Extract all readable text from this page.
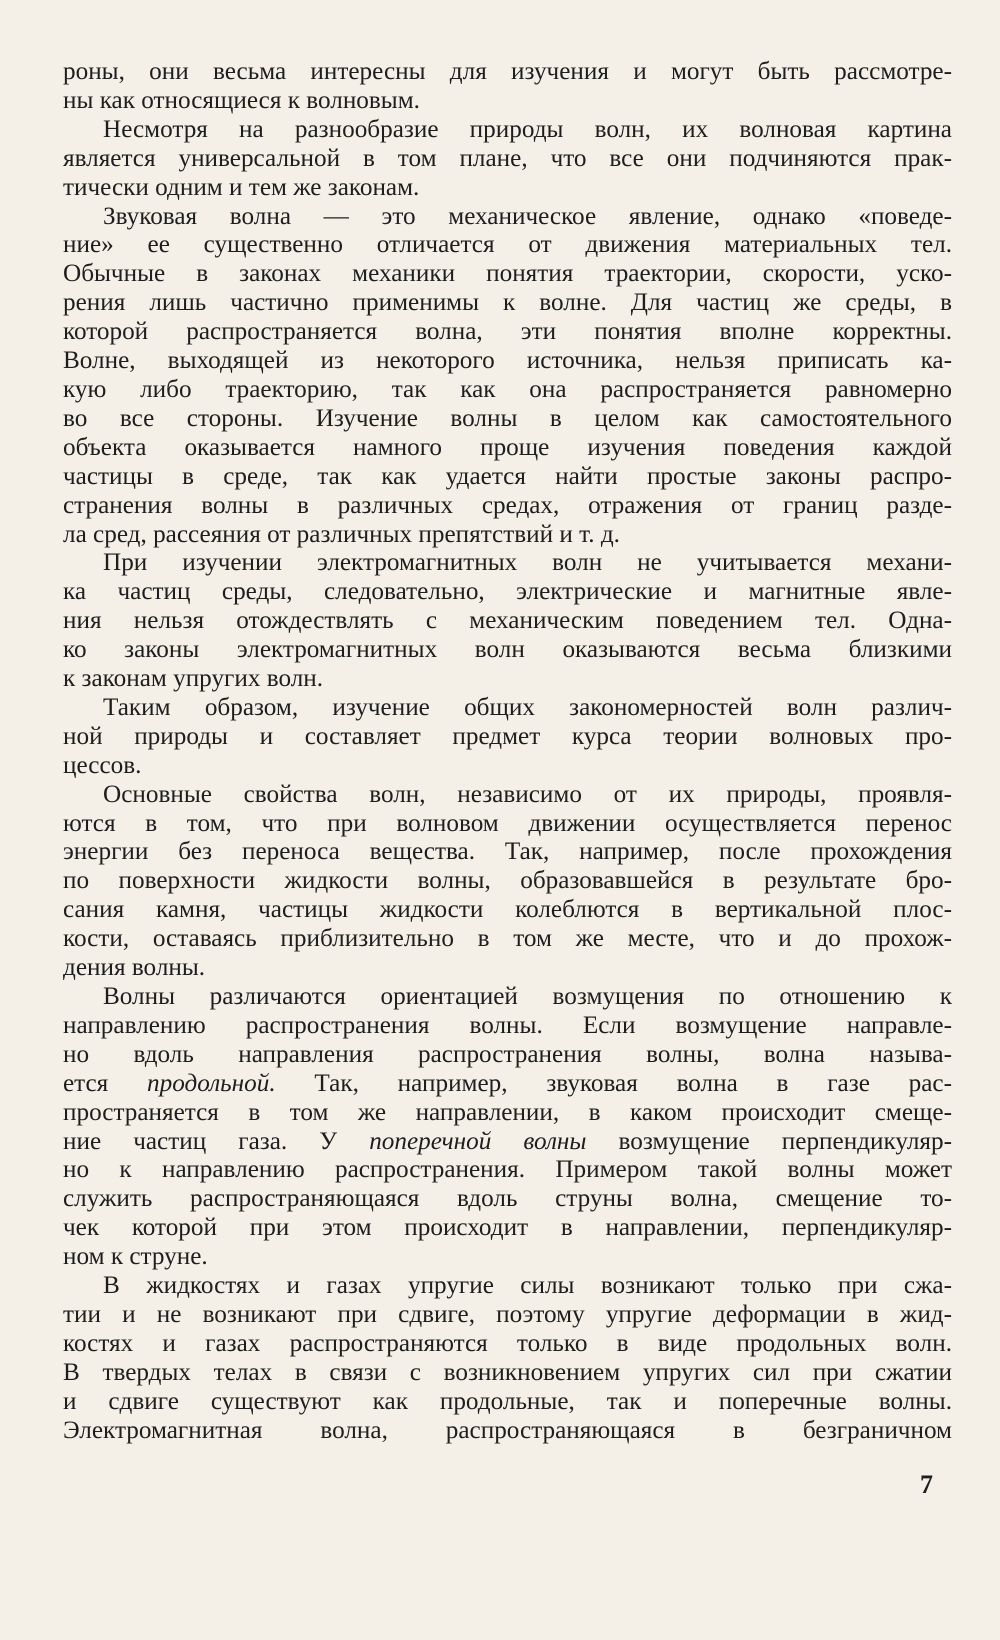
роны, они весьма интересны для изучения и могут быть рассмотре-
ны как относящиеся к волновым.
Несмотря на разнообразие природы волн, их волновая картина
является универсальной в том плане, что все они подчиняются прак-
тически одним и тем же законам.
Звуковая волна — это механическое явление, однако «поведе-
ние» ее существенно отличается от движения материальных тел.
Обычные в законах механики понятия траектории, скорости, уско-
рения лишь частично применимы к волне. Для частиц же среды, в
которой распространяется волна, эти понятия вполне корректны.
Волне, выходящей из некоторого источника, нельзя приписать ка-
кую либо траекторию, так как она распространяется равномерно
во все стороны. Изучение волны в целом как самостоятельного
объекта оказывается намного проще изучения поведения каждой
частицы в среде, так как удается найти простые законы распро-
странения волны в различных средах, отражения от границ разде-
ла сред, рассеяния от различных препятствий и т. д.
При изучении электромагнитных волн не учитывается механи-
ка частиц среды, следовательно, электрические и магнитные явле-
ния нельзя отождествлять с механическим поведением тел. Одна-
ко законы электромагнитных волн оказываются весьма близкими
к законам упругих волн.
Таким образом, изучение общих закономерностей волн различ-
ной природы и составляет предмет курса теории волновых про-
цессов.
Основные свойства волн, независимо от их природы, проявля-
ются в том, что при волновом движении осуществляется перенос
энергии без переноса вещества. Так, например, после прохождения
по поверхности жидкости волны, образовавшейся в результате бро-
сания камня, частицы жидкости колеблются в вертикальной плос-
кости, оставаясь приблизительно в том же месте, что и до прохож-
дения волны.
Волны различаются ориентацией возмущения по отношению к
направлению распространения волны. Если возмущение направле-
но вдоль направления распространения волны, волна называ-
ется продольной. Так, например, звуковая волна в газе рас-
пространяется в том же направлении, в каком происходит смеще-
ние частиц газа. У поперечной волны возмущение перпендикуляр-
но к направлению распространения. Примером такой волны может
служить распространяющаяся вдоль струны волна, смещение то-
чек которой при этом происходит в направлении, перпендикуляр-
ном к струне.
В жидкостях и газах упругие силы возникают только при сжа-
тии и не возникают при сдвиге, поэтому упругие деформации в жид-
костях и газах распространяются только в виде продольных волн.
В твердых телах в связи с возникновением упругих сил при сжатии
и сдвиге существуют как продольные, так и поперечные волны.
Электромагнитная волна, распространяющаяся в безграничном
7
